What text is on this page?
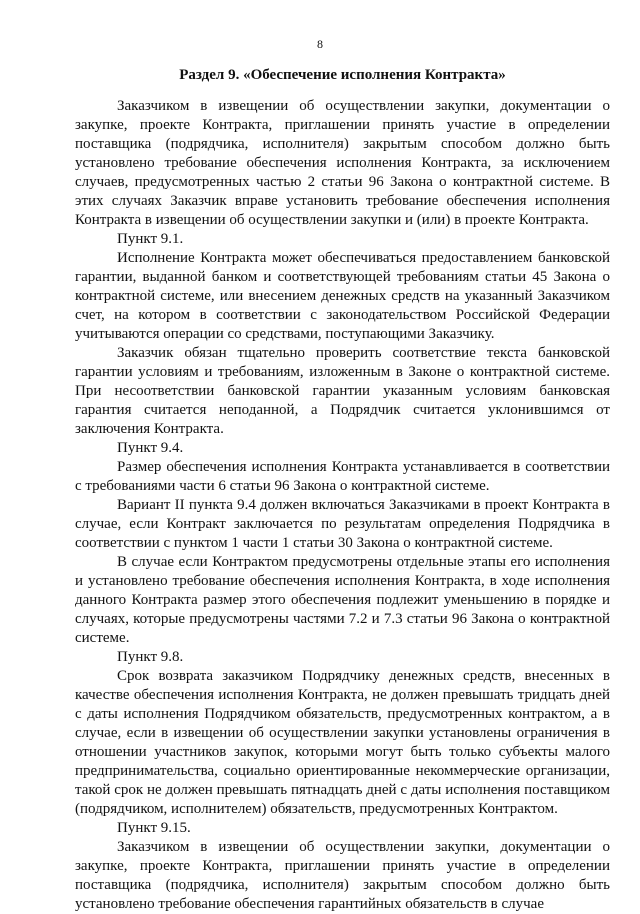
8
Раздел 9. «Обеспечение исполнения Контракта»

Заказчиком в извещении об осуществлении закупки, документации о закупке, проекте Контракта, приглашении принять участие в определении поставщика (подрядчика, исполнителя) закрытым способом должно быть установлено требование обеспечения исполнения Контракта, за исключением случаев, предусмотренных частью 2 статьи 96 Закона о контрактной системе. В этих случаях Заказчик вправе установить требование обеспечения исполнения Контракта в извещении об осуществлении закупки и (или) в проекте Контракта.

Пункт 9.1.

Исполнение Контракта может обеспечиваться предоставлением банковской гарантии, выданной банком и соответствующей требованиям статьи 45 Закона о контрактной системе, или внесением денежных средств на указанный Заказчиком счет, на котором в соответствии с законодательством Российской Федерации учитываются операции со средствами, поступающими Заказчику.

Заказчик обязан тщательно проверить соответствие текста банковской гарантии условиям и требованиям, изложенным в Законе о контрактной системе. При несоответствии банковской гарантии указанным условиям банковская гарантия считается неподанной, а Подрядчик считается уклонившимся от заключения Контракта.

Пункт 9.4.

Размер обеспечения исполнения Контракта устанавливается в соответствии с требованиями части 6 статьи 96 Закона о контрактной системе.

Вариант II пункта 9.4 должен включаться Заказчиками в проект Контракта в случае, если Контракт заключается по результатам определения Подрядчика в соответствии с пунктом 1 части 1 статьи 30 Закона о контрактной системе.

В случае если Контрактом предусмотрены отдельные этапы его исполнения и установлено требование обеспечения исполнения Контракта, в ходе исполнения данного Контракта размер этого обеспечения подлежит уменьшению в порядке и случаях, которые предусмотрены частями 7.2 и 7.3 статьи 96 Закона о контрактной системе.

Пункт 9.8.

Срок возврата заказчиком Подрядчику денежных средств, внесенных в качестве обеспечения исполнения Контракта, не должен превышать тридцать дней с даты исполнения Подрядчиком обязательств, предусмотренных контрактом, а в случае, если в извещении об осуществлении закупки установлены ограничения в отношении участников закупок, которыми могут быть только субъекты малого предпринимательства, социально ориентированные некоммерческие организации, такой срок не должен превышать пятнадцать дней с даты исполнения поставщиком (подрядчиком, исполнителем) обязательств, предусмотренных Контрактом.

Пункт 9.15.

Заказчиком в извещении об осуществлении закупки, документации о закупке, проекте Контракта, приглашении принять участие в определении поставщика (подрядчика, исполнителя) закрытым способом должно быть установлено требование обеспечения гарантийных обязательств в случае
